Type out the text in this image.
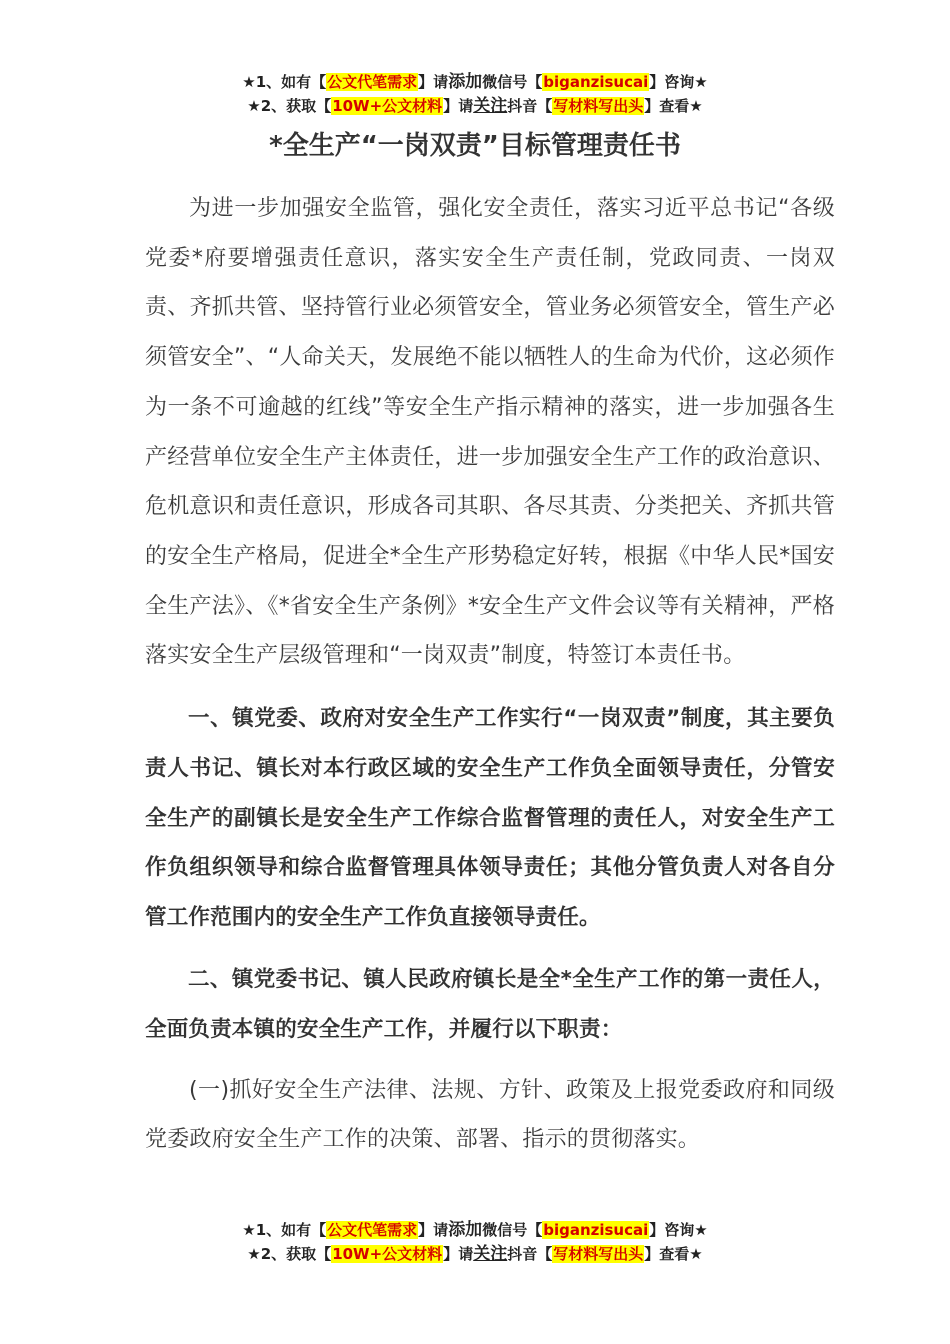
★1、如有【公文代笔需求】请添加微信号【biganzisucai】咨询★
★2、获取【10W+公文材料】请关注抖音【写材料写出头】查看★
*全生产“一岗双责”目标管理责任书

为进一步加强安全监管，强化安全责任，落实习近平总书记“各级党委*府要增强责任意识，落实安全生产责任制，党政同责、一岗双责、齐抓共管、坚持管行业必须管安全，管业务必须管安全，管生产必须管安全”、“人命关天，发展绝不能以牺牲人的生命为代价，这必须作为一条不可逾越的红线”等安全生产指示精神的落实，进一步加强各生产经营单位安全生产主体责任，进一步加强安全生产工作的政治意识、危机意识和责任意识，形成各司其职、各尽其责、分类把关、齐抓共管的安全生产格局，促进全*全生产形势稳定好转，根据《中华人民*国安全生产法》、《*省安全生产条例》*安全生产文件会议等有关精神，严格落实安全生产层级管理和“一岗双责”制度，特签订本责任书。

一、镇党委、政府对安全生产工作实行“一岗双责”制度，其主要负责人书记、镇长对本行政区域的安全生产工作负全面领导责任，分管安全生产的副镇长是安全生产工作综合监督管理的责任人，对安全生产工作负组织领导和综合监督管理具体领导责任；其他分管负责人对各自分管工作范围内的安全生产工作负直接领导责任。

二、镇党委书记、镇人民政府镇长是全*全生产工作的第一责任人，全面负责本镇的安全生产工作，并履行以下职责：

(一)抓好安全生产法律、法规、方针、政策及上报党委政府和同级党委政府安全生产工作的决策、部署、指示的贯彻落实。

★1、如有【公文代笔需求】请添加微信号【biganzisucai】咨询★
★2、获取【10W+公文材料】请关注抖音【写材料写出头】查看★
